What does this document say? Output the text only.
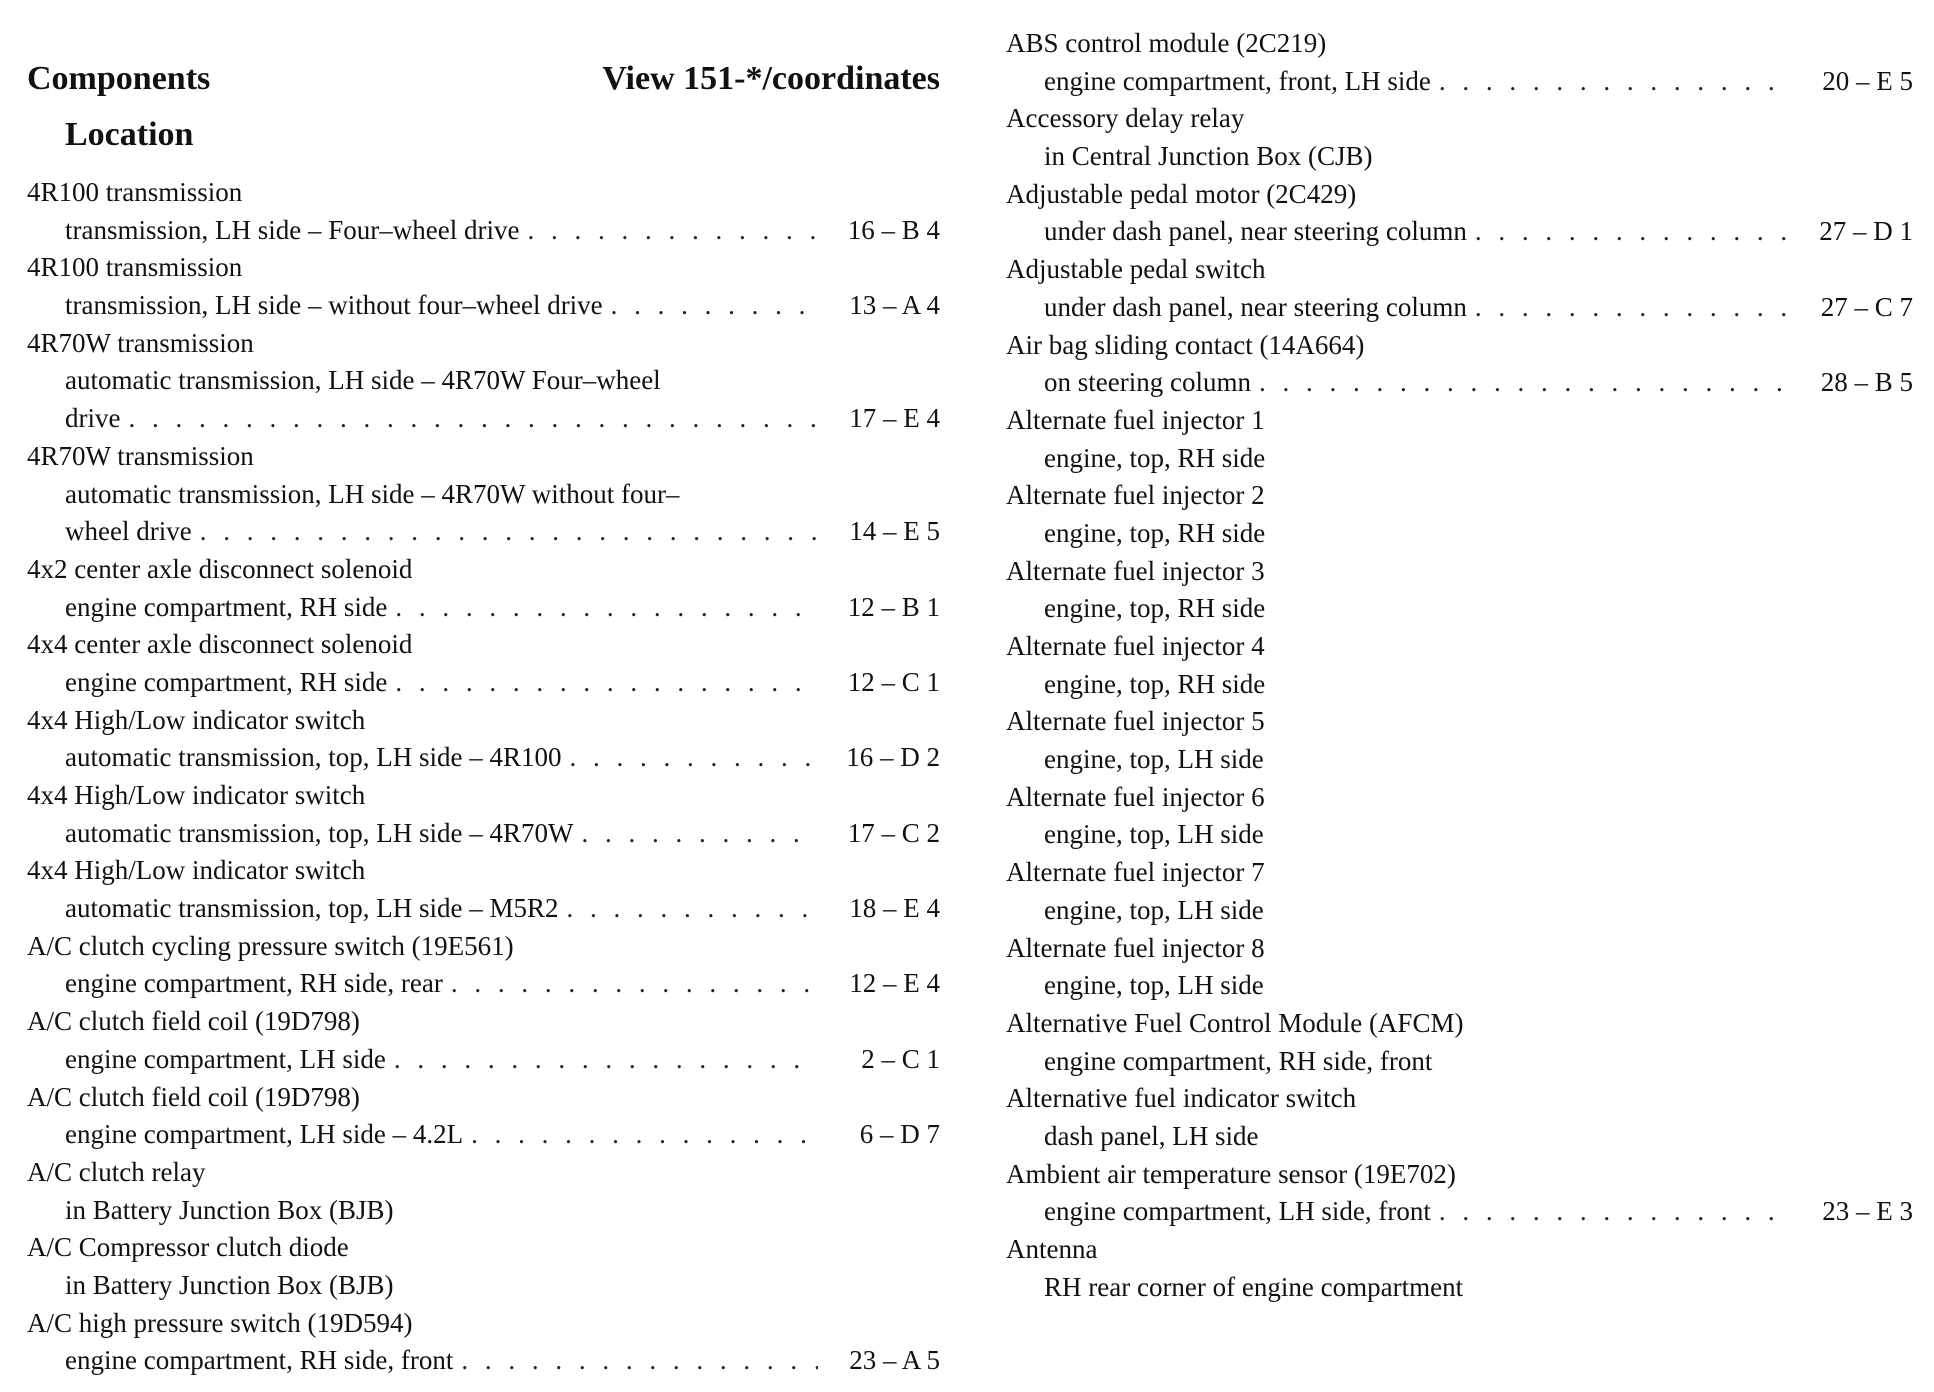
Components	View 151-*/coordinates
Location
4R100 transmission
transmission, LH side – Four–wheel drive . . .	16 – B 4
4R100 transmission
transmission, LH side – without four–wheel drive . . .	13 – A 4
4R70W transmission
automatic transmission, LH side – 4R70W Four–wheel
drive . . .	17 – E 4
4R70W transmission
automatic transmission, LH side – 4R70W without four–
wheel drive . . .	14 – E 5
4x2 center axle disconnect solenoid
engine compartment, RH side . . .	12 – B 1
4x4 center axle disconnect solenoid
engine compartment, RH side . . .	12 – C 1
4x4 High/Low indicator switch
automatic transmission, top, LH side – 4R100 . . .	16 – D 2
4x4 High/Low indicator switch
automatic transmission, top, LH side – 4R70W . . .	17 – C 2
4x4 High/Low indicator switch
automatic transmission, top, LH side – M5R2 . . .	18 – E 4
A/C clutch cycling pressure switch (19E561)
engine compartment, RH side, rear . . .	12 – E 4
A/C clutch field coil (19D798)
engine compartment, LH side . . .	2 – C 1
A/C clutch field coil (19D798)
engine compartment, LH side – 4.2L . . .	6 – D 7
A/C clutch relay
in Battery Junction Box (BJB)
A/C Compressor clutch diode
in Battery Junction Box (BJB)
A/C high pressure switch (19D594)
engine compartment, RH side, front . . .	23 – A 5
ABS control module (2C219)
engine compartment, front, LH side . . .	20 – E 5
Accessory delay relay
in Central Junction Box (CJB)
Adjustable pedal motor (2C429)
under dash panel, near steering column . . .	27 – D 1
Adjustable pedal switch
under dash panel, near steering column . . .	27 – C 7
Air bag sliding contact (14A664)
on steering column . . .	28 – B 5
Alternate fuel injector 1
engine, top, RH side
Alternate fuel injector 2
engine, top, RH side
Alternate fuel injector 3
engine, top, RH side
Alternate fuel injector 4
engine, top, RH side
Alternate fuel injector 5
engine, top, LH side
Alternate fuel injector 6
engine, top, LH side
Alternate fuel injector 7
engine, top, LH side
Alternate fuel injector 8
engine, top, LH side
Alternative Fuel Control Module (AFCM)
engine compartment, RH side, front
Alternative fuel indicator switch
dash panel, LH side
Ambient air temperature sensor (19E702)
engine compartment, LH side, front . . .	23 – E 3
Antenna
RH rear corner of engine compartment
